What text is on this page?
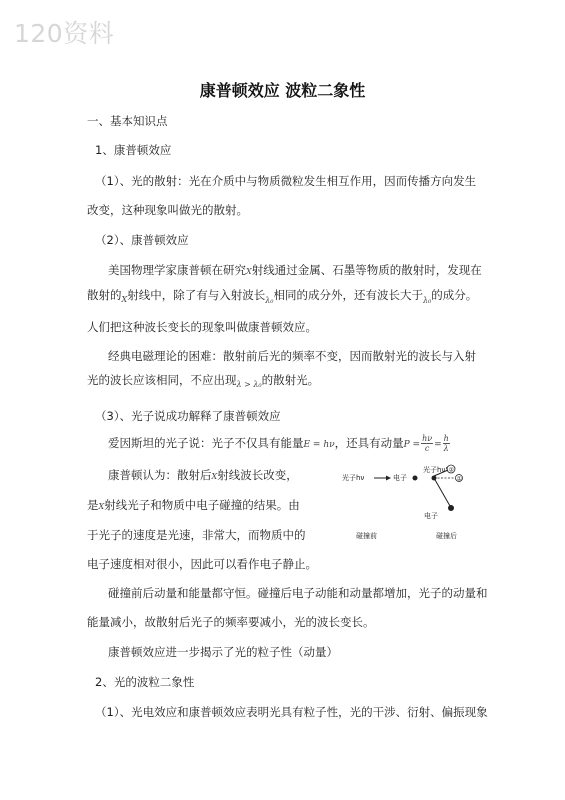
120资料
康普顿效应 波粒二象性
一、基本知识点
1、康普顿效应
（1）、光的散射：光在介质中与物质微粒发生相互作用，因而传播方向发生
改变，这种现象叫做光的散射。
（2）、康普顿效应
美国物理学家康普顿在研究X射线通过金属、石墨等物质的散射时，发现在
散射的$_X$射线中，除了有与入射波长$_{\lambda_0}$相同的成分外，还有波长大于$_{\lambda_0}$的成分。
人们把这种波长变长的现象叫做康普顿效应。
经典电磁理论的困难：散射前后光的频率不变，因而散射光的波长与入射
光的波长应该相同，不应出现$_{\lambda > \lambda_0}$的散射光。
（3）、光子说成功解释了康普顿效应
爱因斯坦的光子说：光子不仅具有能量E = hν，还具有动量$P = \frac{h\nu}{c} = \frac{h}{\lambda}$
康普顿认为：散射后X射线波长改变，
是X射线光子和物质中电子碰撞的结果。由
于光子的速度是光速，非常大，而物质中的
电子速度相对很小，因此可以看作电子静止。
光子hν	电子
碰撞前
光子hν' ②
①
电子
碰撞后
碰撞前后动量和能量都守恒。碰撞后电子动能和动量都增加，光子的动量和
能量减小，故散射后光子的频率要减小，光的波长变长。
康普顿效应进一步揭示了光的粒子性（动量）
2、光的波粒二象性
（1）、光电效应和康普顿效应表明光具有粒子性，光的干涉、衍射、偏振现象
